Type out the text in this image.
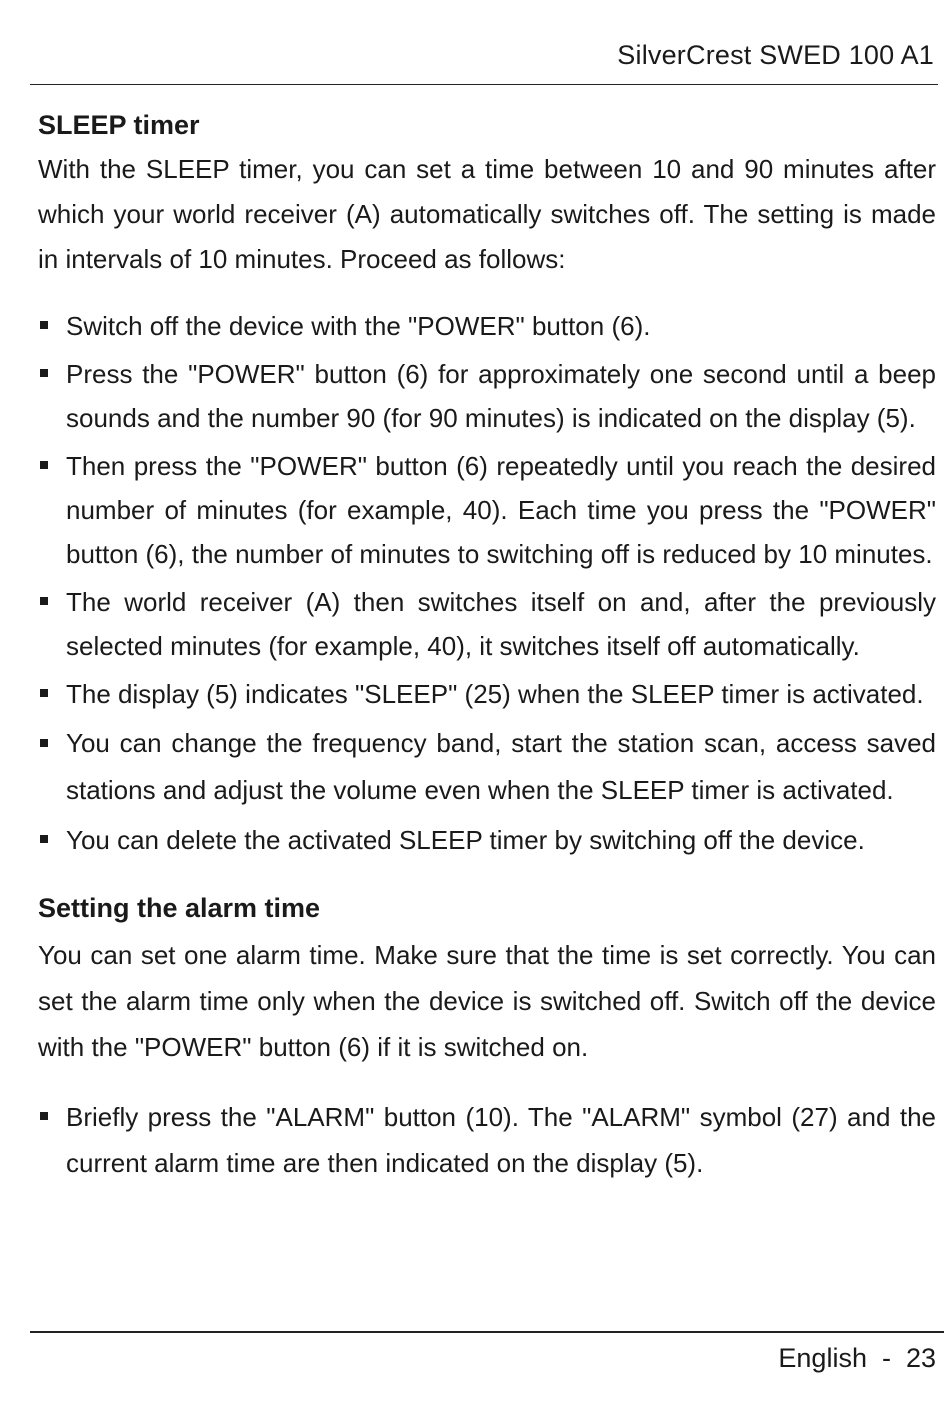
SilverCrest SWED 100 A1
SLEEP timer

With the SLEEP timer, you can set a time between 10 and 90 minutes after which your world receiver (A) automatically switches off. The setting is made in intervals of 10 minutes. Proceed as follows:

Switch off the device with the "POWER" button (6).
Press the "POWER" button (6) for approximately one second until a beep sounds and the number 90 (for 90 minutes) is indicated on the display (5).
Then press the "POWER" button (6) repeatedly until you reach the desired number of minutes (for example, 40). Each time you press the "POWER" button (6), the number of minutes to switching off is reduced by 10 minutes.
The world receiver (A) then switches itself on and, after the previously selected minutes (for example, 40), it switches itself off automatically.
The display (5) indicates "SLEEP" (25) when the SLEEP timer is activated.
You can change the frequency band, start the station scan, access saved stations and adjust the volume even when the SLEEP timer is activated.
You can delete the activated SLEEP timer by switching off the device.
Setting the alarm time

You can set one alarm time. Make sure that the time is set correctly. You can set the alarm time only when the device is switched off. Switch off the device with the "POWER" button (6) if it is switched on.

Briefly press the "ALARM" button (10). The "ALARM" symbol (27) and the current alarm time are then indicated on the display (5).
English  -  23
